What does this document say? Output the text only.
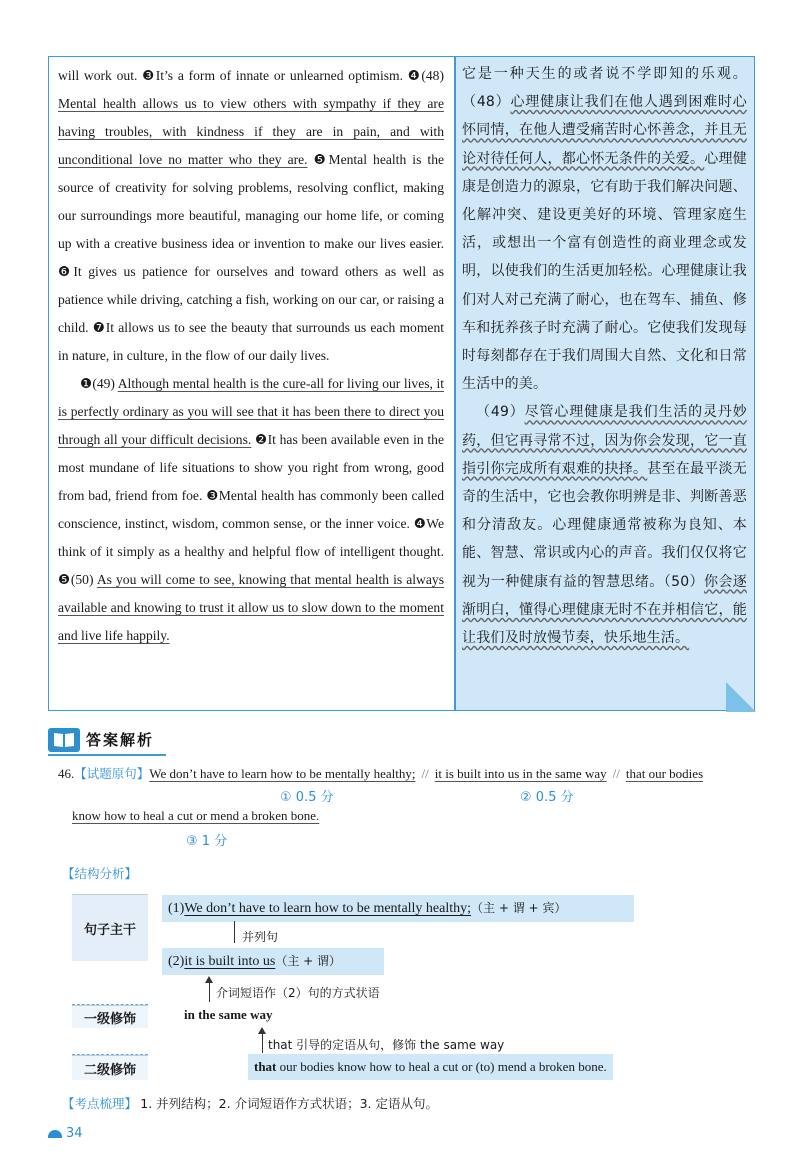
will work out. ❸It’s a form of innate or unlearned optimism. ❹(48) Mental health allows us to view others with sympathy if they are having troubles, with kindness if they are in pain, and with unconditional love no matter who they are. ❺Mental health is the source of creativity for solving problems, resolving conflict, making our surroundings more beautiful, managing our home life, or coming up with a creative business idea or invention to make our lives easier. ❻It gives us patience for ourselves and toward others as well as patience while driving, catching a fish, working on our car, or raising a child. ❼It allows us to see the beauty that surrounds us each moment in nature, in culture, in the flow of our daily lives.

❶(49) Although mental health is the cure-all for living our lives, it is perfectly ordinary as you will see that it has been there to direct you through all your difficult decisions. ❷It has been available even in the most mundane of life situations to show you right from wrong, good from bad, friend from foe. ❸Mental health has commonly been called conscience, instinct, wisdom, common sense, or the inner voice. ❹We think of it simply as a healthy and helpful flow of intelligent thought. ❺(50) As you will come to see, knowing that mental health is always available and knowing to trust it allow us to slow down to the moment and live life happily.

它是一种天生的或者说不学即知的乐观。（48）心理健康让我们在他人遇到困难时心怀同情，在他人遭受痛苦时心怀善念，并且无论对待任何人，都心怀无条件的关爱。心理健康是创造力的源泉，它有助于我们解决问题、化解冲突、建设更美好的环境、管理家庭生活，或想出一个富有创造性的商业理念或发明，以使我们的生活更加轻松。心理健康让我们对人对己充满了耐心，也在驾车、捕鱼、修车和抚养孩子时充满了耐心。它使我们发现每时每刻都存在于我们周围大自然、文化和日常生活中的美。

（49）尽管心理健康是我们生活的灵丹妙药，但它再寻常不过，因为你会发现，它一直指引你完成所有艰难的抉择。甚至在最平淡无奇的生活中，它也会教你明辨是非、判断善恶和分清敌友。心理健康通常被称为良知、本能、智慧、常识或内心的声音。我们仅仅将它视为一种健康有益的智慧思绪。（50）你会逐渐明白，懂得心理健康无时不在并相信它，能让我们及时放慢节奏，快乐地生活。

答案解析
46.【试题原句】We don’t have to learn how to be mentally healthy; // it is built into us in the same way // that our bodies
① 0.5 分	② 0.5 分
know how to heal a cut or mend a broken bone.
③ 1 分
【结构分析】
句子主干
一级修饰
二级修饰
(1)We don’t have to learn how to be mentally healthy;（主 + 谓 + 宾）
并列句
(2)it is built into us（主 + 谓）
介词短语作（2）句的方式状语
in the same way
that 引导的定语从句，修饰 the same way
that our bodies know how to heal a cut or (to) mend a broken bone.
【考点梳理】 1. 并列结构；2. 介词短语作方式状语；3. 定语从句。
34
